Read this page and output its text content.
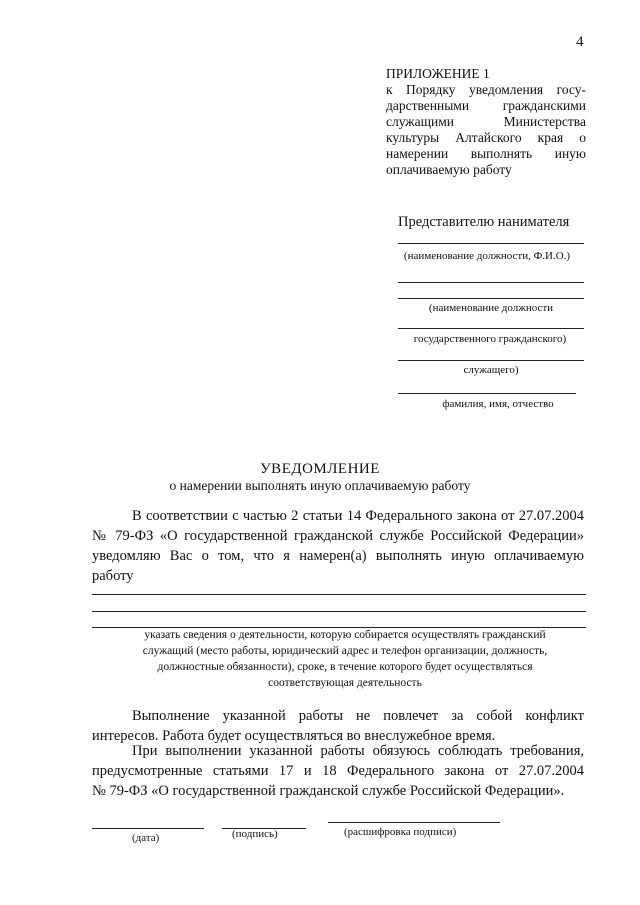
4
ПРИЛОЖЕНИЕ 1
к Порядку уведомления госу-
дарственными гражданскими
служащими Министерства
культуры Алтайского края о
намерении выполнять иную
оплачиваемую работу
Представителю нанимателя
(наименование должности, Ф.И.О.)
(наименование должности
государственного гражданского)
служащего)
фамилия, имя, отчество
УВЕДОМЛЕНИЕ
о намерении выполнять иную оплачиваемую работу
В соответствии с частью 2 статьи 14 Федерального закона от 27.07.2004
№ 79-ФЗ «О государственной гражданской службе Российской Федерации»
уведомляю Вас о том, что я намерен(а) выполнять иную оплачиваемую
работу
указать сведения о деятельности, которую собирается осуществлять гражданский
служащий (место работы, юридический адрес и телефон организации, должность,
должностные обязанности), сроке, в течение которого будет осуществляться
соответствующая деятельность
Выполнение указанной работы не повлечет за собой конфликт
интересов. Работа будет осуществляться во внеслужебное время.
При выполнении указанной работы обязуюсь соблюдать требования,
предусмотренные статьями 17 и 18 Федерального закона от 27.07.2004
№ 79-ФЗ «О государственной гражданской службе Российской Федерации».
(дата)	(подпись)	(расшифровка подписи)
